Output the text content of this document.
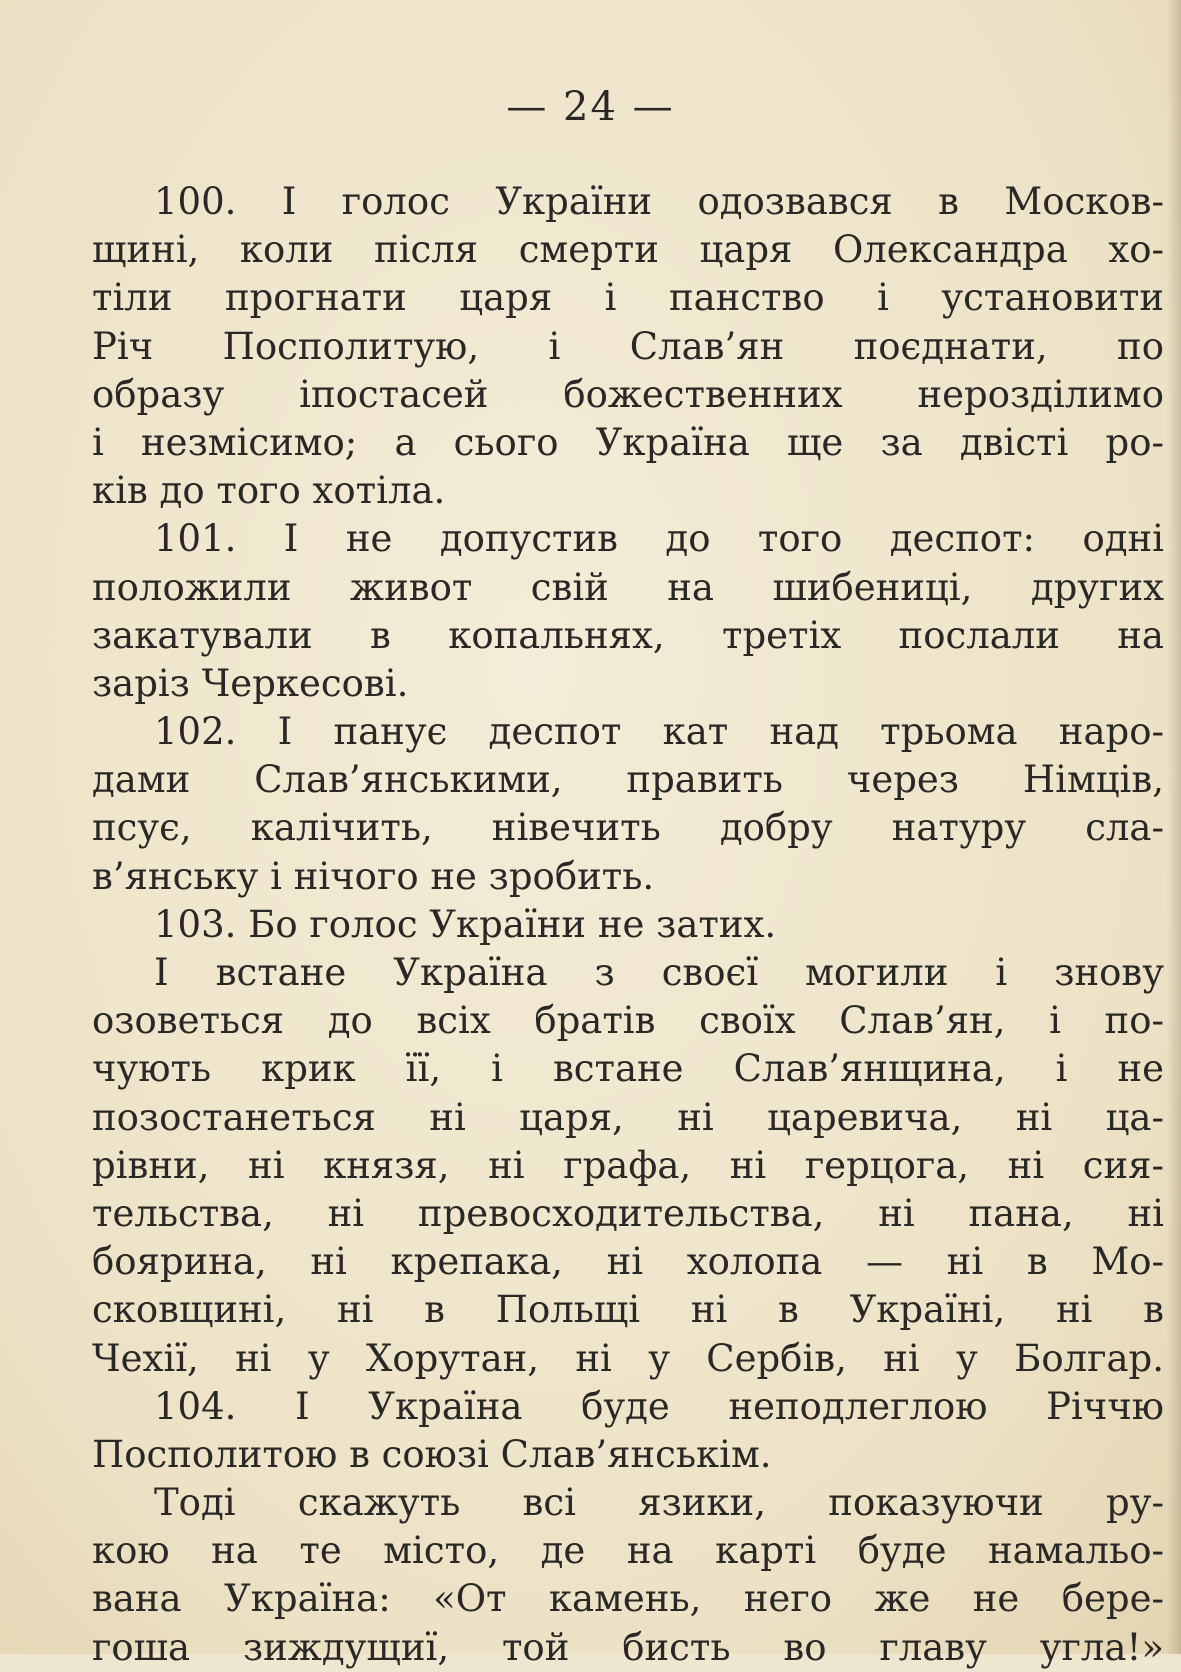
— 24 —
100. І голос України одозвався в Москов-
щині, коли після смерти царя Олександра хо-
тіли прогнати царя і панство і установити
Річ Посполитую, і Слав’ян поєднати, по
образу іпостасей божественних нероздiлимо
і незмісимо; а сього Україна ще за двісті ро-
ків до того хотіла.
101. І не допустив до того деспот: одні
положили живот свій на шибениці, других
закатували в копальнях, третіх послали на
заріз Черкесові.
102. І панує деспот кат над трьома наро-
дами Слав’янськими, править через Німців,
псує, калічить, нівечить добру натуру сла-
в’янську і нічого не зробить.
103. Бо голос України не затих.
І встане Україна з своєї могили і знову
озоветься до всіх братів своїх Слав’ян, і по-
чують крик її, і встане Слав’янщина, і не
позостанеться ні царя, ні царевича, ні ца-
рівни, ні князя, ні графа, ні герцога, ні сия-
тельства, ні превосходительства, ні пана, ні
боярина, ні крепака, ні холопа — ні в Мо-
сковщині, ні в Польщі ні в Україні, ні в
Чехії, ні у Хорутан, ні у Сербів, ні у Болгар.
104. І Україна буде неподлеглою Річчю
Посполитою в союзі Слав’янськім.
Тоді скажуть всі язики, показуючи ру-
кою на те місто, де на карті буде намальо-
вана Україна: «От камень, него же не бере-
гоша зиждущиї, той бисть во главу угла!»
